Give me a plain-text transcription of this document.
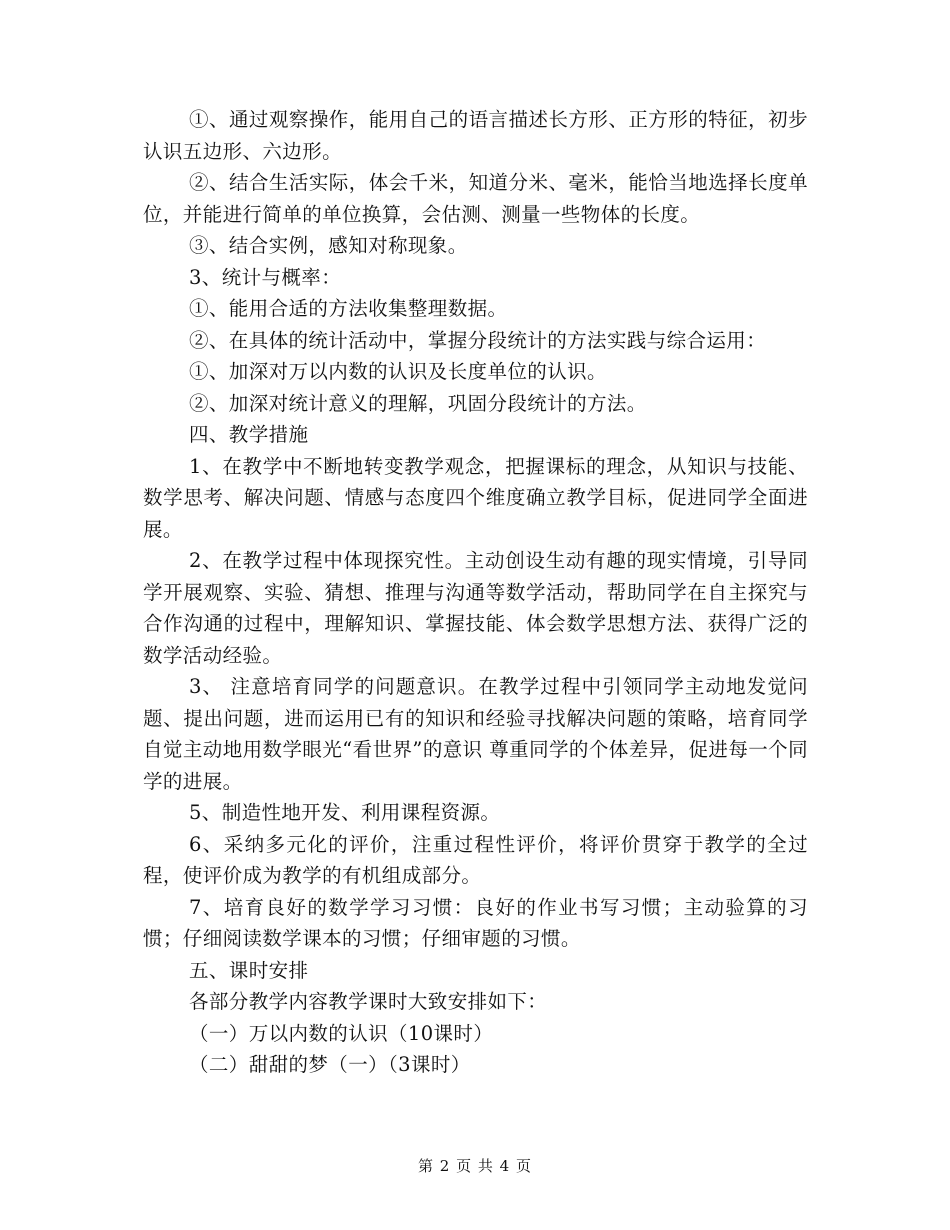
①、通过观察操作，能用自己的语言描述长方形、正方形的特征，初步认识五边形、六边形。

②、结合生活实际，体会千米，知道分米、毫米，能恰当地选择长度单位，并能进行简单的单位换算，会估测、测量一些物体的长度。

③、结合实例，感知对称现象。

3、统计与概率：

①、能用合适的方法收集整理数据。

②、在具体的统计活动中，掌握分段统计的方法实践与综合运用：

①、加深对万以内数的认识及长度单位的认识。

②、加深对统计意义的理解，巩固分段统计的方法。

四、教学措施

1、在教学中不断地转变教学观念，把握课标的理念，从知识与技能、数学思考、解决问题、情感与态度四个维度确立教学目标，促进同学全面进展。

2、在教学过程中体现探究性。主动创设生动有趣的现实情境，引导同学开展观察、实验、猜想、推理与沟通等数学活动，帮助同学在自主探究与合作沟通的过程中，理解知识、掌握技能、体会数学思想方法、获得广泛的数学活动经验。

3、 注意培育同学的问题意识。在教学过程中引领同学主动地发觉问题、提出问题，进而运用已有的知识和经验寻找解决问题的策略，培育同学自觉主动地用数学眼光“看世界”的意识 尊重同学的个体差异，促进每一个同学的进展。

5、制造性地开发、利用课程资源。

6、采纳多元化的评价，注重过程性评价，将评价贯穿于教学的全过程，使评价成为教学的有机组成部分。

7、培育良好的数学学习习惯：良好的作业书写习惯；主动验算的习惯；仔细阅读数学课本的习惯；仔细审题的习惯。

五、课时安排

各部分教学内容教学课时大致安排如下：

（一）万以内数的认识（10课时）

（二）甜甜的梦（一）（3课时）

第 2 页 共 4 页
